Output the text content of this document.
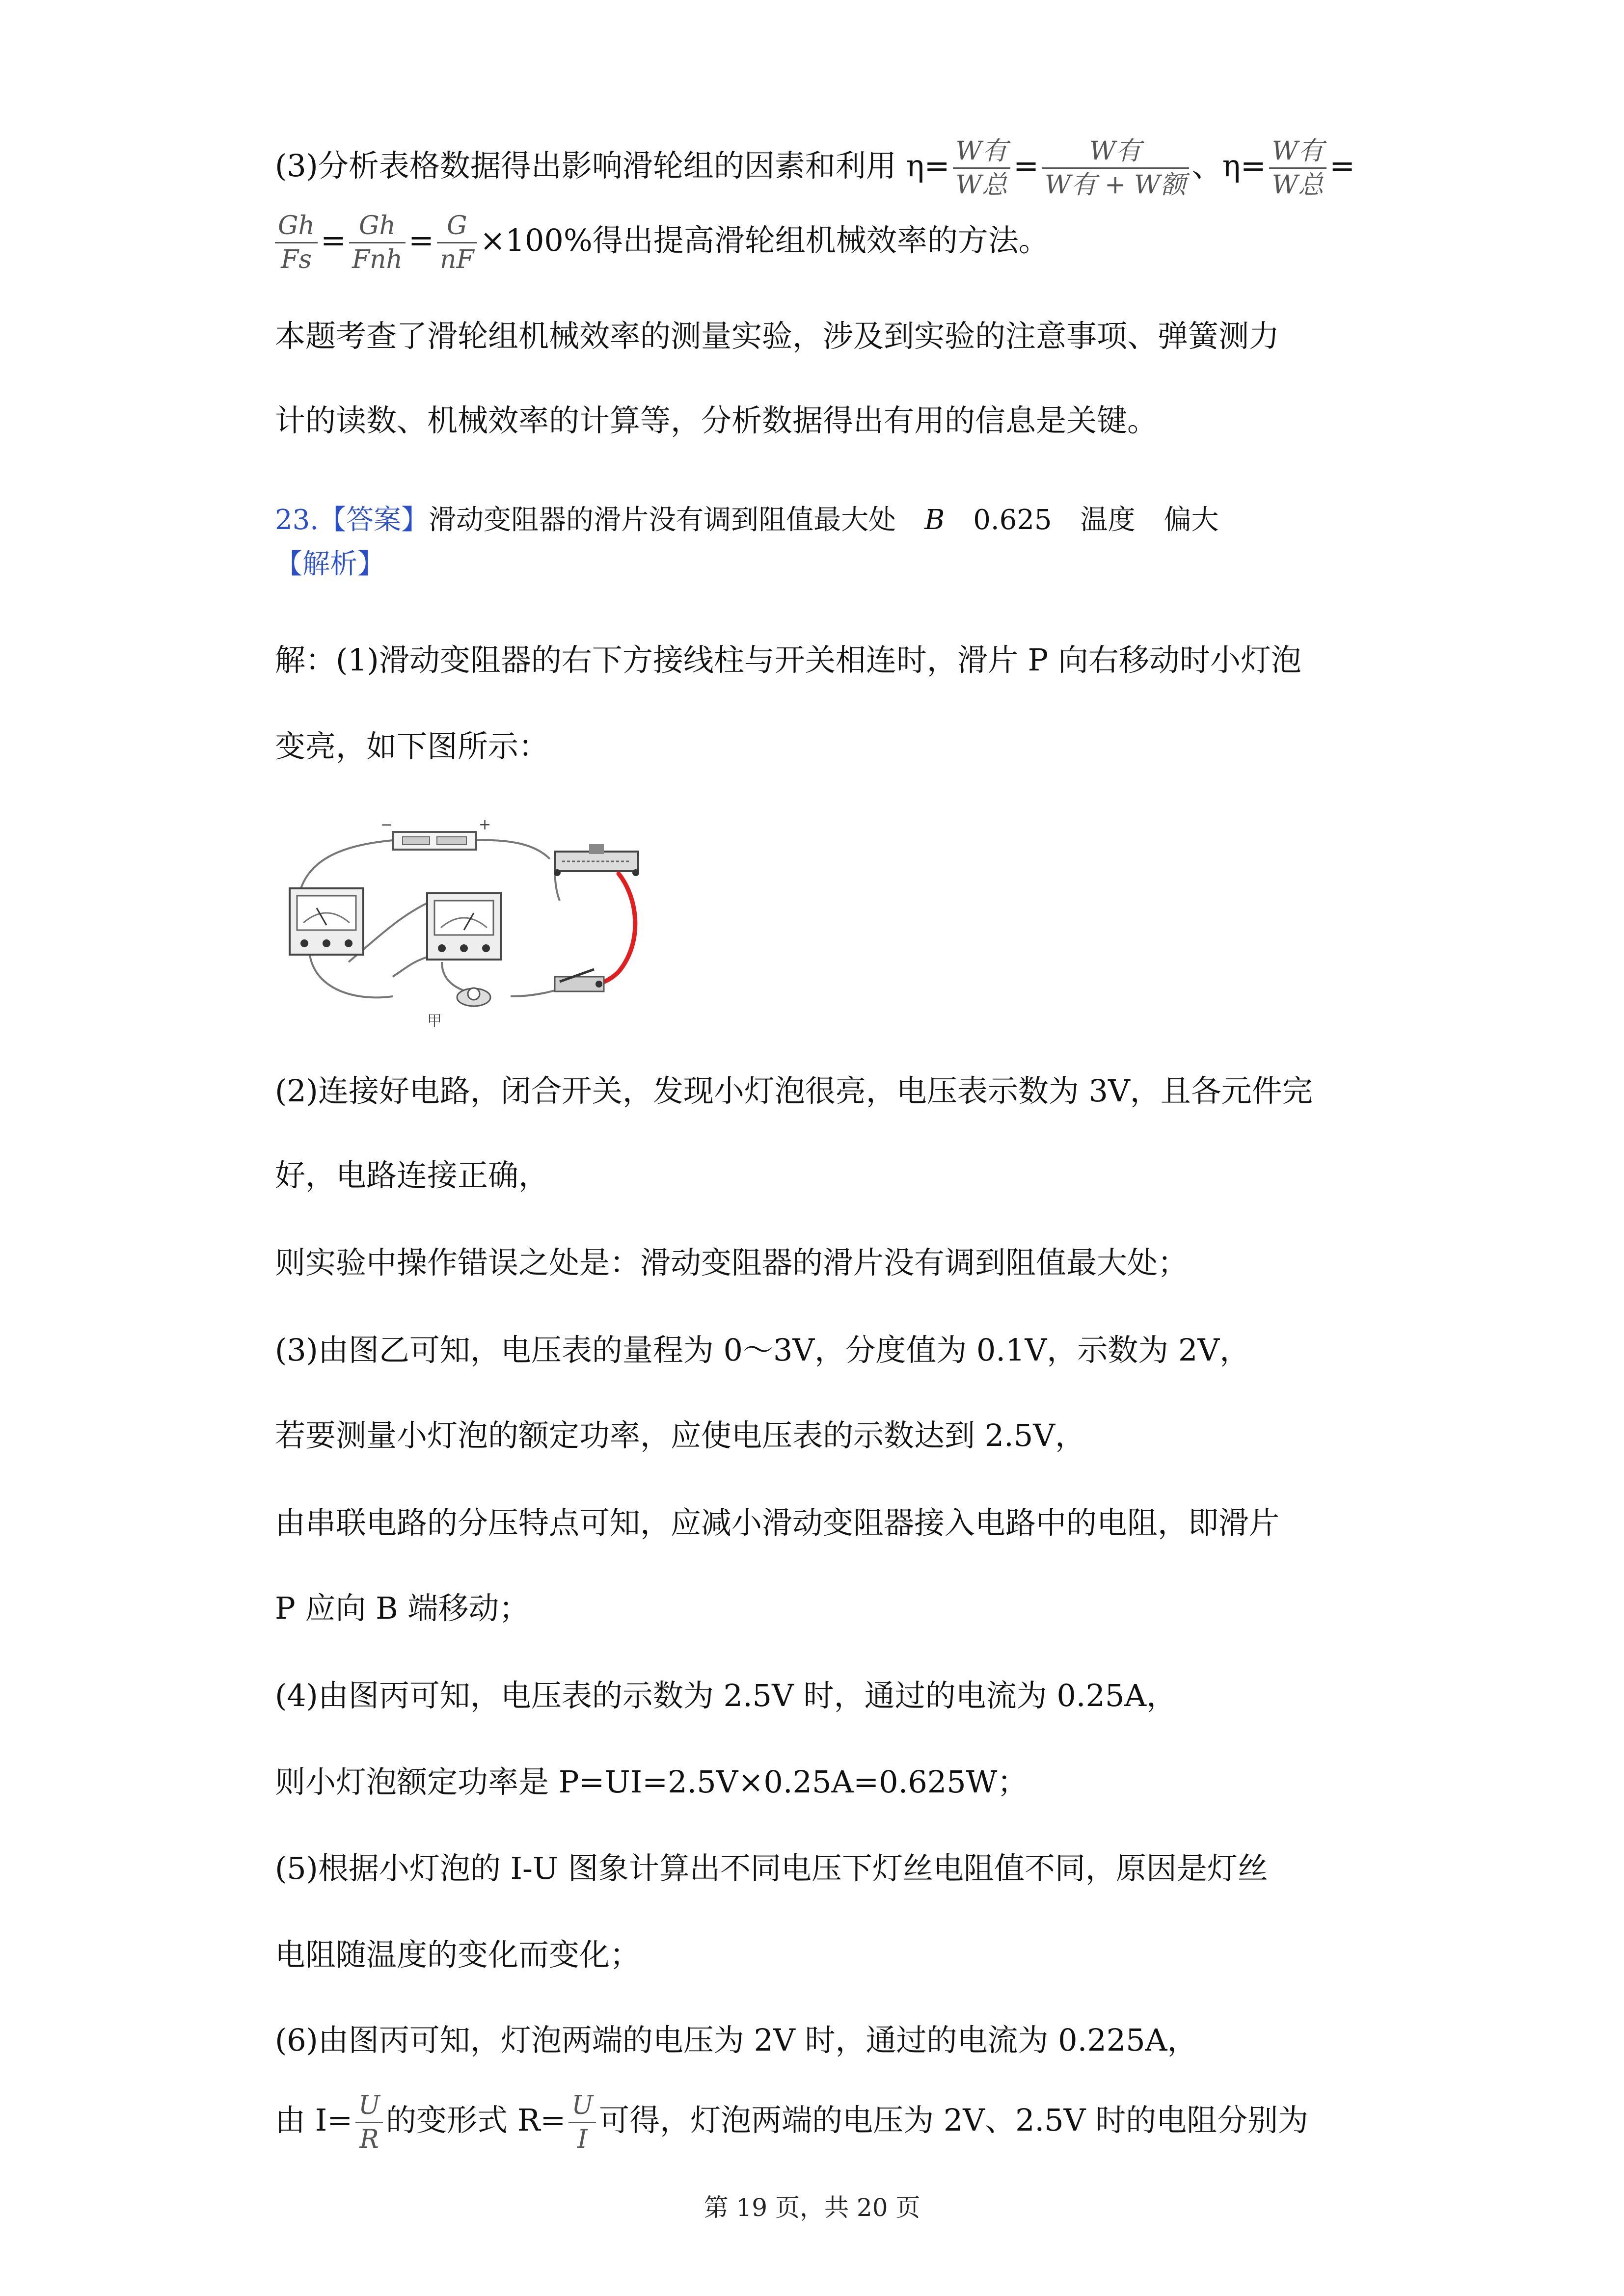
(3)分析表格数据得出影响滑轮组的因素和利用 $\eta= \frac{\text{W有}}{\text{W总}} = \frac{\text{W有}}{\text{W有 + W额}}$ 、$\eta= \frac{\text{W有}}{\text{W总}}$ =
$\frac{Gh}{Fs} = \frac{Gh}{\text{Fnh}} = \frac{G}{nF} \times 100\%$得出提高滑轮组机械效率的方法。
本题考查了滑轮组机械效率的测量实验，涉及到实验的注意事项、弹簧测力
计的读数、机械效率的计算等，分析数据得出有用的信息是关键。
23.【答案】滑动变阻器的滑片没有调到阻值最大处 B 0.625 温度 偏大
【解析】
解：(1)滑动变阻器的右下方接线柱与开关相连时，滑片 P 向右移动时小灯泡
变亮，如下图所示：
−	+
甲
(2)连接好电路，闭合开关，发现小灯泡很亮，电压表示数为 3V，且各元件完
好，电路连接正确，
则实验中操作错误之处是：滑动变阻器的滑片没有调到阻值最大处；
(3)由图乙可知，电压表的量程为 0～3V，分度值为 0.1V，示数为 2V，
若要测量小灯泡的额定功率，应使电压表的示数达到 2.5V，
由串联电路的分压特点可知，应减小滑动变阻器接入电路中的电阻，即滑片
P 应向 B 端移动；
(4)由图丙可知，电压表的示数为 2.5V 时，通过的电流为 0.25A，
则小灯泡额定功率是 P=UI=2.5V×0.25A=0.625W；
(5)根据小灯泡的 I-U 图象计算出不同电压下灯丝电阻值不同，原因是灯丝
电阻随温度的变化而变化；
(6)由图丙可知，灯泡两端的电压为 2V 时，通过的电流为 0.225A，
由 $I= \frac{U}{R}$ 的变形式 $R= \frac{U}{I}$ 可得，灯泡两端的电压为 2V、2.5V 时的电阻分别为
第 19 页，共 20 页
